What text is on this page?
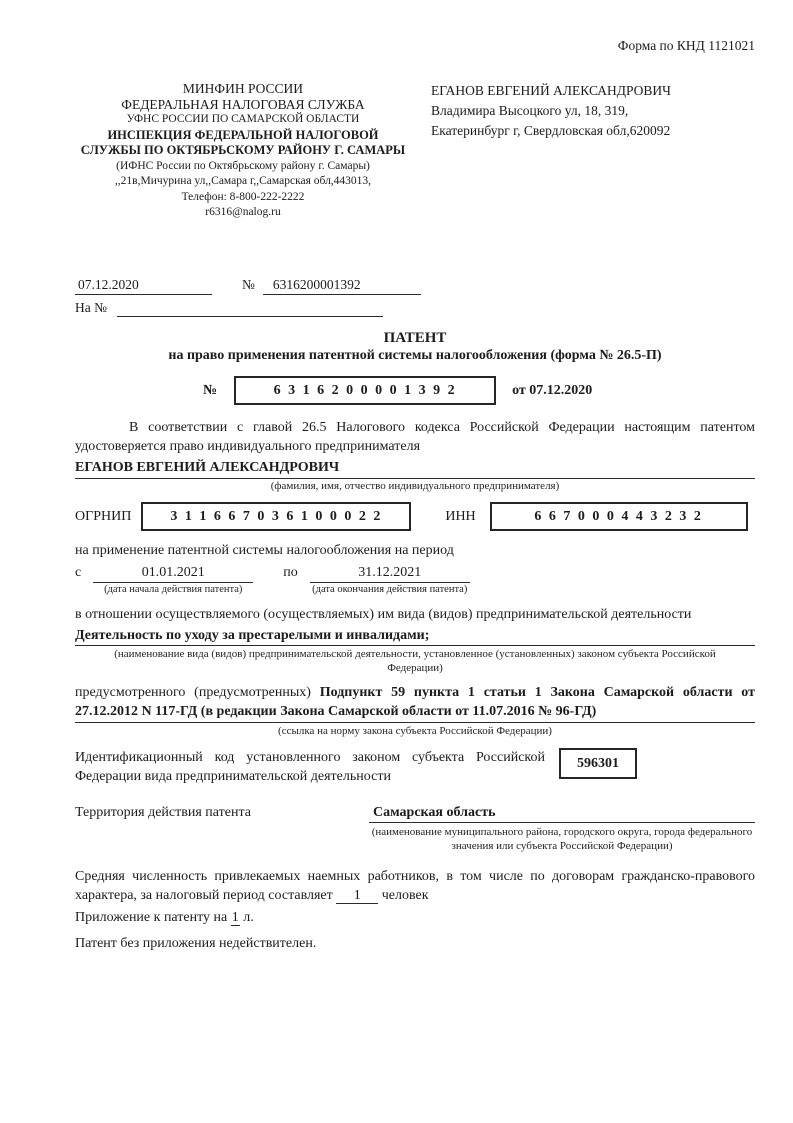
Форма по КНД 1121021
МИНФИН РОССИИ
ФЕДЕРАЛЬНАЯ НАЛОГОВАЯ СЛУЖБА
УФНС РОССИИ ПО САМАРСКОЙ ОБЛАСТИ
ИНСПЕКЦИЯ ФЕДЕРАЛЬНОЙ НАЛОГОВОЙ
СЛУЖБЫ ПО ОКТЯБРЬСКОМУ РАЙОНУ Г. САМАРЫ
(ИФНС России по Октябрьскому району г. Самары)
,,21в,Мичурина ул,,Самара г,,Самарская обл,443013,
Телефон: 8-800-222-2222
r6316@nalog.ru
ЕГАНОВ ЕВГЕНИЙ АЛЕКСАНДРОВИЧ
Владимира Высоцкого ул, 18, 319,
Екатеринбург г, Свердловская обл,620092
07.12.2020	№	6316200001392
На №
ПАТЕНТ
на право применения патентной системы налогообложения (форма № 26.5-П)
№	6 3 1 6 2 0 0 0 0 1 3 9 2	от 07.12.2020
В соответствии с главой 26.5 Налогового кодекса Российской Федерации настоящим патентом удостоверяется право индивидуального предпринимателя
ЕГАНОВ ЕВГЕНИЙ АЛЕКСАНДРОВИЧ
(фамилия, имя, отчество индивидуального предпринимателя)
ОГРНИП	3 1 1 6 6 7 0 3 6 1 0 0 0 2 2	ИНН	6 6 7 0 0 0 4 4 3 2 3 2
на применение патентной системы налогообложения на период
с	01.01.2021
(дата начала действия патента)
по	31.12.2021
(дата окончания действия патента)
в отношении осуществляемого (осуществляемых) им вида (видов) предпринимательской деятельности
Деятельность по уходу за престарелыми и инвалидами;
(наименование вида (видов) предпринимательской деятельности, установленное (установленных) законом субъекта Российской Федерации)
предусмотренного (предусмотренных) Подпункт 59 пункта 1 статьи 1 Закона Самарской области от 27.12.2012 N 117-ГД (в редакции Закона Самарской области от 11.07.2016 № 96-ГД)
(ссылка на норму закона субъекта Российской Федерации)
Идентификационный код установленного законом субъекта Российской Федерации вида предпринимательской деятельности
596301
Территория действия патента	Самарская область
(наименование муниципального района, городского округа, города федерального значения или субъекта Российской Федерации)
Средняя численность привлекаемых наемных работников, в том числе по договорам гражданско-правового характера, за налоговый период составляет 1 человек
Приложение к патенту на 1 л.
Патент без приложения недействителен.
